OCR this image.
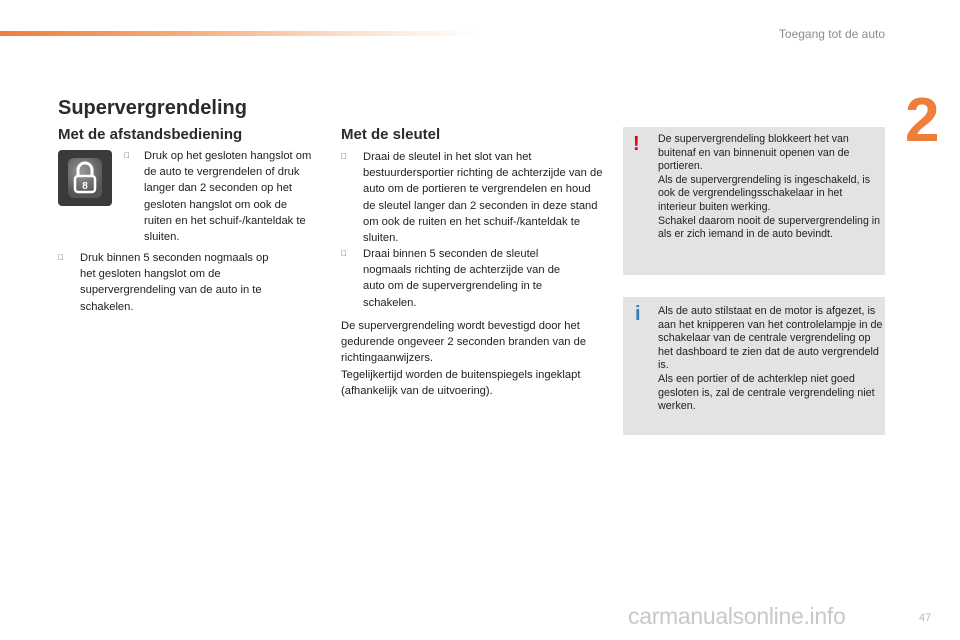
Toegang tot de auto
2
Supervergrendeling
Met de afstandsbediening
8
Druk op het gesloten hangslot om de auto te vergrendelen of druk langer dan 2 seconden op het gesloten hangslot om ook de ruiten en het schuif-/kanteldak te sluiten.
Druk binnen 5 seconden nogmaals op het gesloten hangslot om de supervergrendeling van de auto in te schakelen.
Met de sleutel
Draai de sleutel in het slot van het bestuurdersportier richting de achterzijde van de auto om de portieren te vergrendelen en houd de sleutel langer dan 2 seconden in deze stand om ook de ruiten en het schuif-/kanteldak te sluiten.
Draai binnen 5 seconden de sleutel nogmaals richting de achterzijde van de auto om de supervergrendeling in te schakelen.
De supervergrendeling wordt bevestigd door het gedurende ongeveer 2 seconden branden van de richtingaanwijzers.
Tegelijkertijd worden de buitenspiegels ingeklapt (afhankelijk van de uitvoering).
! De supervergrendeling blokkeert het van buitenaf en van binnenuit openen van de portieren.
Als de supervergrendeling is ingeschakeld, is ook de vergrendelingsschakelaar in het interieur buiten werking.
Schakel daarom nooit de supervergrendeling in als er zich iemand in de auto bevindt.
i Als de auto stilstaat en de motor is afgezet, is aan het knipperen van het controlelampje in de schakelaar van de centrale vergrendeling op het dashboard te zien dat de auto vergrendeld is.
Als een portier of de achterklep niet goed gesloten is, zal de centrale vergrendeling niet werken.
carmanualsonline.info	47
